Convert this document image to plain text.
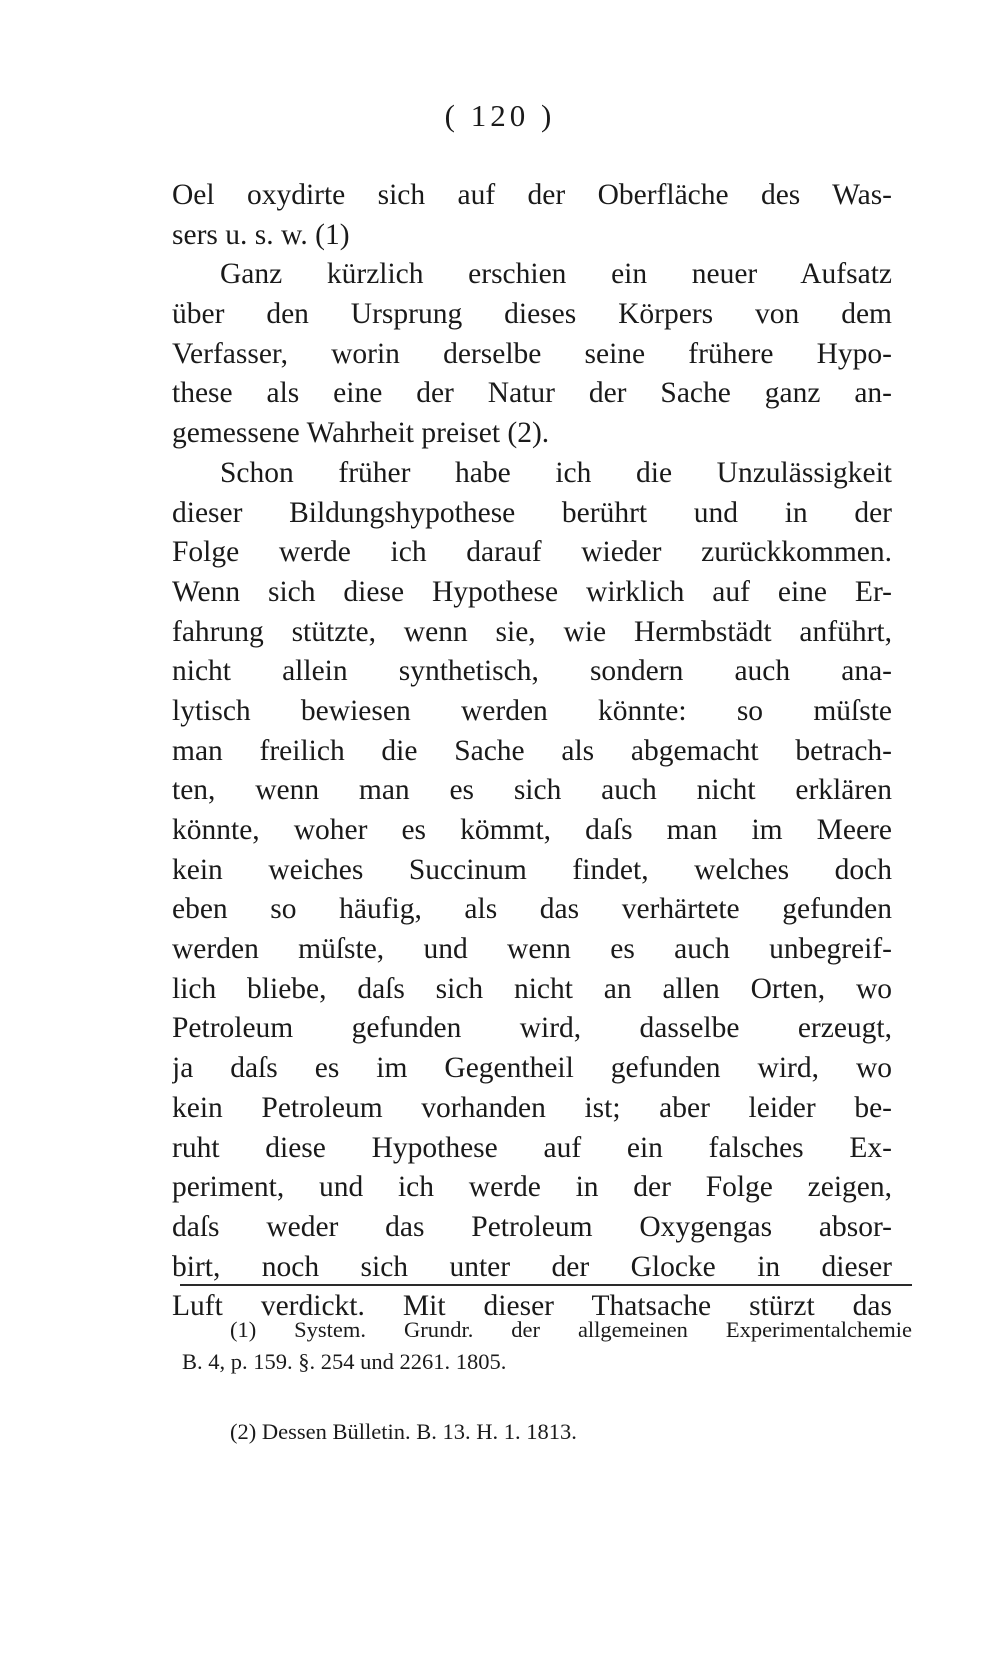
( 120 )
Oel oxydirte sich auf der Oberfläche des Was-
sers u. s. w. (1)
Ganz kürzlich erschien ein neuer Aufsatz
über den Ursprung dieses Körpers von dem
Verfasser, worin derselbe seine frühere Hypo-
these als eine der Natur der Sache ganz an-
gemessene Wahrheit preiset (2).
Schon früher habe ich die Unzulässigkeit
dieser Bildungshypothese berührt und in der
Folge werde ich darauf wieder zurückkommen.
Wenn sich diese Hypothese wirklich auf eine Er-
fahrung stützte, wenn sie, wie Hermbstädt anführt,
nicht allein synthetisch, sondern auch ana-
lytisch bewiesen werden könnte: so müſste
man freilich die Sache als abgemacht betrach-
ten, wenn man es sich auch nicht erklären
könnte, woher es kömmt, daſs man im Meere
kein weiches Succinum findet, welches doch
eben so häufig, als das verhärtete gefunden
werden müſste, und wenn es auch unbegreif-
lich bliebe, daſs sich nicht an allen Orten, wo
Petroleum gefunden wird, dasselbe erzeugt,
ja daſs es im Gegentheil gefunden wird, wo
kein Petroleum vorhanden ist; aber leider be-
ruht diese Hypothese auf ein falsches Ex-
periment, und ich werde in der Folge zeigen,
daſs weder das Petroleum Oxygengas absor-
birt, noch sich unter der Glocke in dieser
Luft verdickt. Mit dieser Thatsache stürzt das
(1) System. Grundr. der allgemeinen Experimentalchemie
B. 4, p. 159. §. 254 und 2261. 1805.
(2) Dessen Bülletin. B. 13. H. 1. 1813.
